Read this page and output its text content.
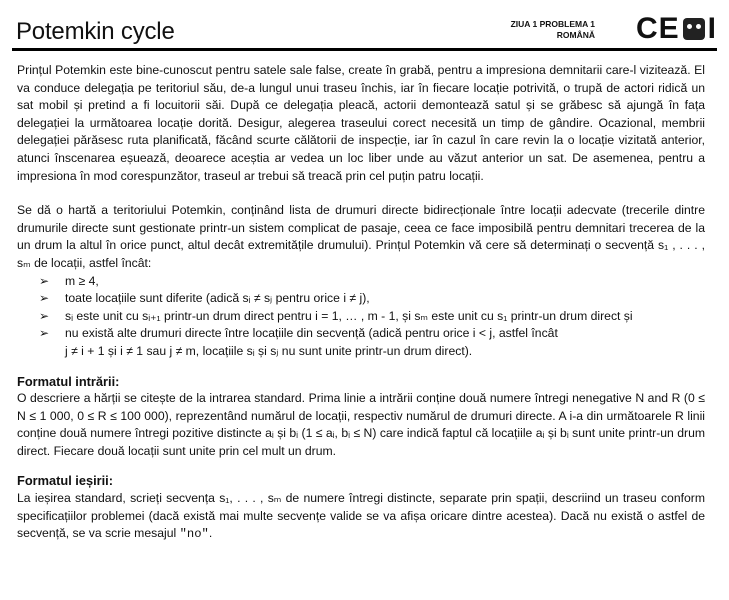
Potemkin cycle	ZIUA 1 PROBLEMA 1
ROMÂNĂ CE I

Prințul Potemkin este bine-cunoscut pentru satele sale false, create în grabă, pentru a impresiona demnitarii care-l vizitează. El va conduce delegația pe teritoriul său, de-a lungul unui traseu închis, iar în fiecare locație potrivită, o trupă de actori ridică un sat mobil și pretind a fi locuitorii săi. După ce delegația pleacă, actorii demontează satul și se grăbesc să ajungă în fața delegației la următoarea locație dorită. Desigur, alegerea traseului corect necesită un timp de gândire. Ocazional, membrii delegației părăsesc ruta planificată, făcând scurte călătorii de inspecție, iar în cazul în care revin la o locație vizitată anterior, atunci înscenarea eșuează, deoarece aceștia ar vedea un loc liber unde au văzut anterior un sat. De asemenea, pentru a impresiona în mod corespunzător, traseul ar trebui să treacă prin cel puțin patru locații.

Se dă o hartă a teritoriului Potemkin, conținând lista de drumuri directe bidirecționale între locații adecvate (trecerile dintre drumurile directe sunt gestionate printr-un sistem complicat de pasaje, ceea ce face imposibilă pentru demnitari trecerea de la un drum la altul în orice punct, altul decât extremitățile drumului). Prințul Potemkin vă cere să determinați o secvență s₁ , . . . , sₘ de locații, astfel încât:

➢ m ≥ 4,
➢ toate locațiile sunt diferite (adică sᵢ ≠ sⱼ pentru orice i ≠ j),
➢ sᵢ este unit cu sᵢ₊₁ printr-un drum direct pentru i = 1, … , m - 1, și sₘ este unit cu s₁ printr-un drum direct și
➢ nu există alte drumuri directe între locațiile din secvență (adică pentru orice i < j, astfel încât
j ≠ i + 1 și i ≠ 1 sau j ≠ m, locațiile sᵢ și sⱼ nu sunt unite printr-un drum direct).
Formatul intrării:

O descriere a hărții se citește de la intrarea standard. Prima linie a intrării conține două numere întregi nenegative N and R (0 ≤ N ≤ 1 000, 0 ≤ R ≤ 100 000), reprezentând numărul de locații, respectiv numărul de drumuri directe. A i-a din următoarele R linii conține două numere întregi pozitive distincte aᵢ și bᵢ (1 ≤ aᵢ, bᵢ ≤ N) care indică faptul că locațiile aᵢ și bᵢ sunt unite printr-un drum direct. Fiecare două locații sunt unite prin cel mult un drum.

Formatul ieșirii:

La ieșirea standard, scrieți secvența s₁, . . . , sₘ de numere întregi distincte, separate prin spații, descriind un traseu conform specificațiilor problemei (dacă există mai multe secvențe valide se va afișa oricare dintre acestea). Dacă nu există o astfel de secvență, se va scrie mesajul "no".
